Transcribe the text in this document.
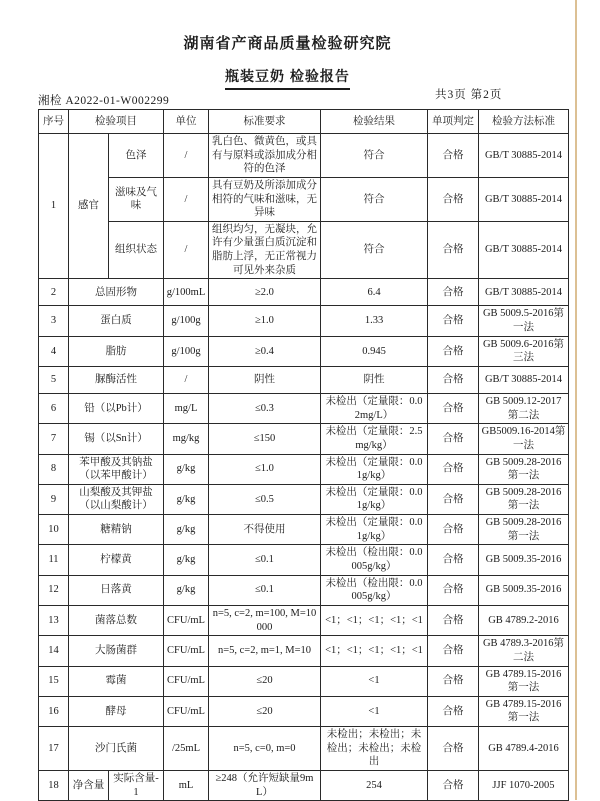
湖南省产商品质量检验研究院
瓶装豆奶 检验报告
湘检 A2022-01-W002299	共3页 第2页
序号	检验项目		单位	标准要求	检验结果	单项判定	检验方法标准
1	感官	色泽	/	乳白色、微黄色，或具有与原料或添加成分相符的色泽	符合	合格	GB/T 30885-2014
		滋味及气味	/	具有豆奶及所添加成分相符的气味和滋味，无异味	符合	合格	GB/T 30885-2014
		组织状态	/	组织均匀，无凝块，允许有少量蛋白质沉淀和脂肪上浮，无正常视力可见外来杂质	符合	合格	GB/T 30885-2014
2	总固形物		g/100mL	≥2.0	6.4	合格	GB/T 30885-2014
3	蛋白质		g/100g	≥1.0	1.33	合格	GB 5009.5-2016第一法
4	脂肪		g/100g	≥0.4	0.945	合格	GB 5009.6-2016第三法
5	脲酶活性		/	阴性	阴性	合格	GB/T 30885-2014
6	铅（以Pb计）		mg/L	≤0.3	未检出（定量限：0.02mg/L）	合格	GB 5009.12-2017 第二法
7	锡（以Sn计）		mg/kg	≤150	未检出（定量限：2.5mg/kg）	合格	GB5009.16-2014第一法
8	苯甲酸及其钠盐（以苯甲酸计）		g/kg	≤1.0	未检出（定量限：0.01g/kg）	合格	GB 5009.28-2016 第一法
9	山梨酸及其钾盐（以山梨酸计）		g/kg	≤0.5	未检出（定量限：0.01g/kg）	合格	GB 5009.28-2016 第一法
10	糖精钠		g/kg	不得使用	未检出（定量限：0.01g/kg）	合格	GB 5009.28-2016 第一法
11	柠檬黄		g/kg	≤0.1	未检出（检出限：0.0005g/kg）	合格	GB 5009.35-2016
12	日落黄		g/kg	≤0.1	未检出（检出限：0.0005g/kg）	合格	GB 5009.35-2016
13	菌落总数		CFU/mL	n=5, c=2, m=100, M=10000	<1；<1；<1；<1；<1	合格	GB 4789.2-2016
14	大肠菌群		CFU/mL	n=5, c=2, m=1, M=10	<1；<1；<1；<1；<1	合格	GB 4789.3-2016第二法
15	霉菌		CFU/mL	≤20	<1	合格	GB 4789.15-2016第一法
16	酵母		CFU/mL	≤20	<1	合格	GB 4789.15-2016第一法
17	沙门氏菌		/25mL	n=5, c=0, m=0	未检出；未检出；未检出；未检出；未检出	合格	GB 4789.4-2016
18	净含量	实际含量-1	mL	≥248（允许短缺量9mL）	254	合格	JJF 1070-2005
